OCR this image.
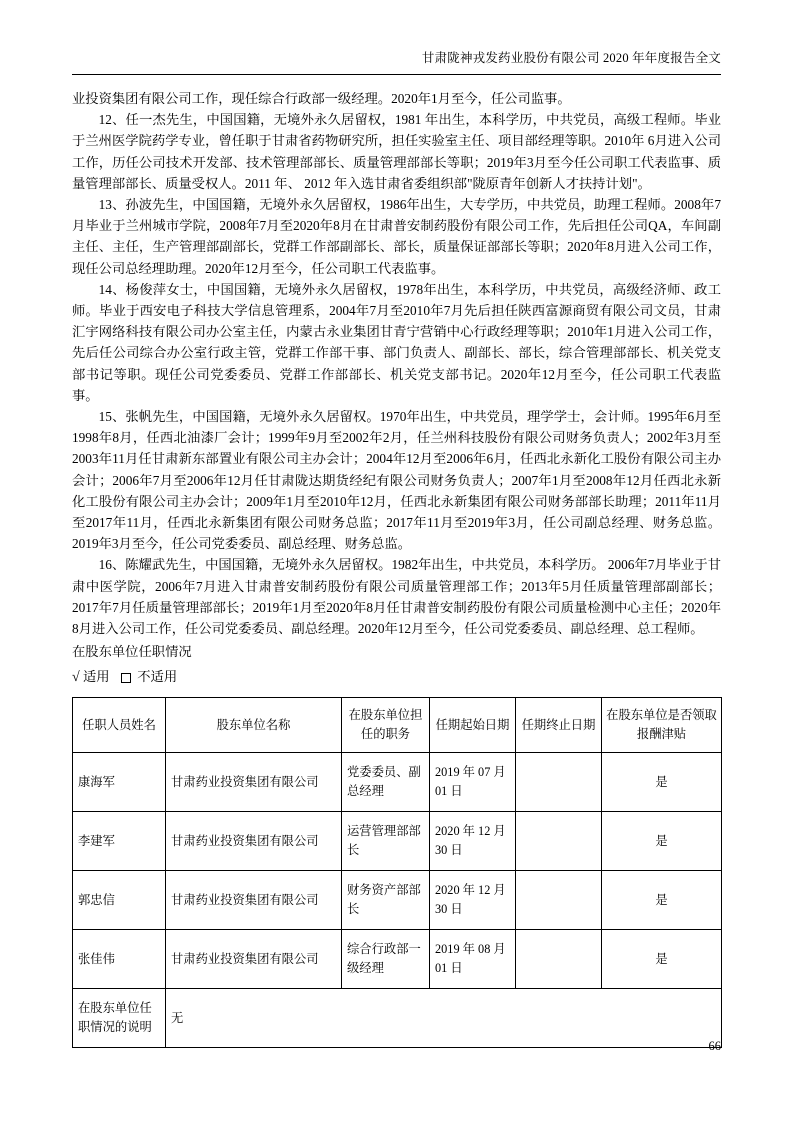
甘肃陇神戎发药业股份有限公司 2020 年年度报告全文

业投资集团有限公司工作，现任综合行政部一级经理。2020年1月至今，任公司监事。

12、任一杰先生，中国国籍，无境外永久居留权，1981 年出生，本科学历，中共党员，高级工程师。毕业于兰州医学院药学专业，曾任职于甘肃省药物研究所，担任实验室主任、项目部经理等职。2010年 6月进入公司工作，历任公司技术开发部、技术管理部部长、质量管理部部长等职；2019年3月至今任公司职工代表监事、质量管理部部长、质量受权人。2011 年、 2012 年入选甘肃省委组织部"陇原青年创新人才扶持计划"。

13、孙波先生，中国国籍，无境外永久居留权，1986年出生，大专学历，中共党员，助理工程师。2008年7月毕业于兰州城市学院，2008年7月至2020年8月在甘肃普安制药股份有限公司工作，先后担任公司QA，车间副主任、主任，生产管理部副部长，党群工作部副部长、部长，质量保证部部长等职；2020年8月进入公司工作，现任公司总经理助理。2020年12月至今，任公司职工代表监事。

14、杨俊萍女士，中国国籍，无境外永久居留权，1978年出生，本科学历，中共党员，高级经济师、政工师。毕业于西安电子科技大学信息管理系，2004年7月至2010年7月先后担任陕西富源商贸有限公司文员，甘肃汇宇网络科技有限公司办公室主任，内蒙古永业集团甘青宁营销中心行政经理等职；2010年1月进入公司工作，先后任公司综合办公室行政主管，党群工作部干事、部门负责人、副部长、部长，综合管理部部长、机关党支部书记等职。现任公司党委委员、党群工作部部长、机关党支部书记。2020年12月至今，任公司职工代表监事。

15、张帆先生，中国国籍，无境外永久居留权。1970年出生，中共党员，理学学士，会计师。1995年6月至1998年8月，任西北油漆厂会计；1999年9月至2002年2月，任兰州科技股份有限公司财务负责人；2002年3月至2003年11月任甘肃新东部置业有限公司主办会计；2004年12月至2006年6月，任西北永新化工股份有限公司主办会计；2006年7月至2006年12月任甘肃陇达期货经纪有限公司财务负责人；2007年1月至2008年12月任西北永新化工股份有限公司主办会计；2009年1月至2010年12月，任西北永新集团有限公司财务部部长助理；2011年11月至2017年11月，任西北永新集团有限公司财务总监；2017年11月至2019年3月，任公司副总经理、财务总监。2019年3月至今，任公司党委委员、副总经理、财务总监。

16、陈耀武先生，中国国籍，无境外永久居留权。1982年出生，中共党员，本科学历。 2006年7月毕业于甘肃中医学院，2006年7月进入甘肃普安制药股份有限公司质量管理部工作；2013年5月任质量管理部副部长；2017年7月任质量管理部部长；2019年1月至2020年8月任甘肃普安制药股份有限公司质量检测中心主任；2020年8月进入公司工作，任公司党委委员、副总经理。2020年12月至今，任公司党委委员、副总经理、总工程师。

在股东单位任职情况
√ 适用 不适用
任职人员姓名	股东单位名称	在股东单位担任的职务	任期起始日期	任期终止日期	在股东单位是否领取报酬津贴
康海军	甘肃药业投资集团有限公司	党委委员、副总经理	2019 年 07 月 01 日		是
李建军	甘肃药业投资集团有限公司	运营管理部部长	2020 年 12 月 30 日		是
郭忠信	甘肃药业投资集团有限公司	财务资产部部长	2020 年 12 月 30 日		是
张佳伟	甘肃药业投资集团有限公司	综合行政部一级经理	2019 年 08 月 01 日		是
在股东单位任职情况的说明	无				
66
